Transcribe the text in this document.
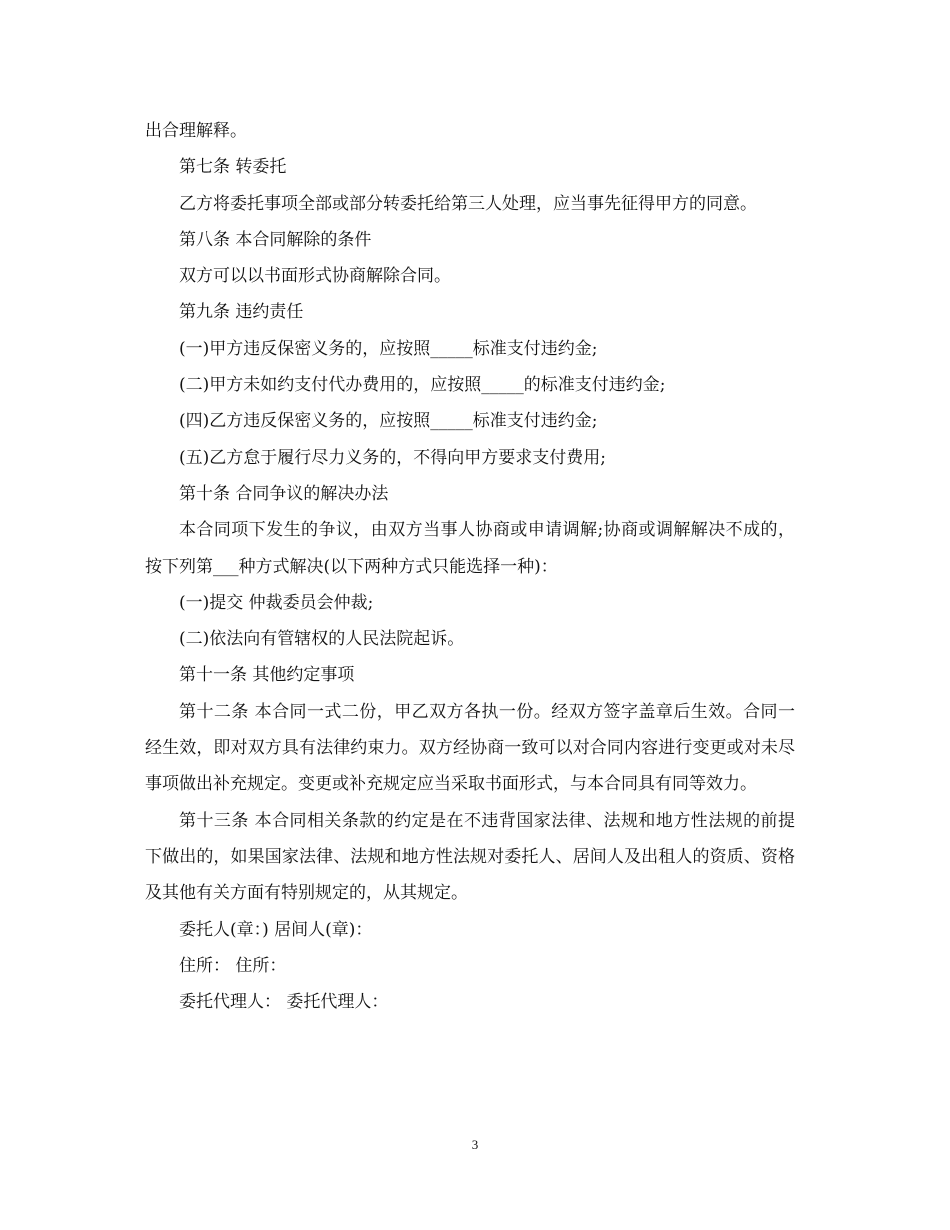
出合理解释。

第七条 转委托

乙方将委托事项全部或部分转委托给第三人处理，应当事先征得甲方的同意。

第八条 本合同解除的条件

双方可以以书面形式协商解除合同。

第九条 违约责任

(一)甲方违反保密义务的，应按照_____标准支付违约金;

(二)甲方未如约支付代办费用的，应按照_____的标准支付违约金;

(四)乙方违反保密义务的，应按照_____标准支付违约金;

(五)乙方怠于履行尽力义务的，不得向甲方要求支付费用;

第十条 合同争议的解决办法

本合同项下发生的争议，由双方当事人协商或申请调解;协商或调解解决不成的，按下列第___种方式解决(以下两种方式只能选择一种)：

(一)提交 仲裁委员会仲裁;

(二)依法向有管辖权的人民法院起诉。

第十一条 其他约定事项

第十二条 本合同一式二份，甲乙双方各执一份。经双方签字盖章后生效。合同一经生效，即对双方具有法律约束力。双方经协商一致可以对合同内容进行变更或对未尽事项做出补充规定。变更或补充规定应当采取书面形式，与本合同具有同等效力。

第十三条 本合同相关条款的约定是在不违背国家法律、法规和地方性法规的前提下做出的，如果国家法律、法规和地方性法规对委托人、居间人及出租人的资质、资格及其他有关方面有特别规定的，从其规定。

委托人(章：) 居间人(章)：

住所： 住所：

委托代理人： 委托代理人：

3
